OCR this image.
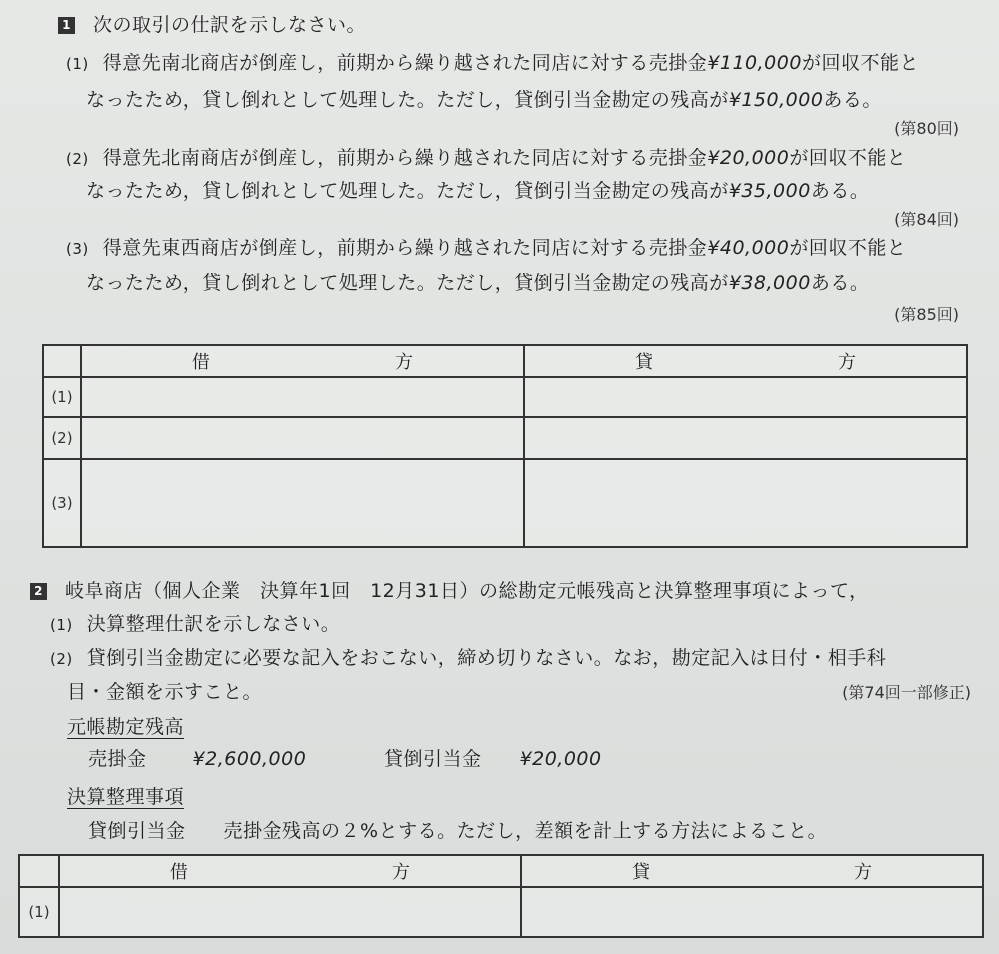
1 次の取引の仕訳を示しなさい。
(1) 得意先南北商店が倒産し，前期から繰り越された同店に対する売掛金¥110,000が回収不能と
なったため，貸し倒れとして処理した。ただし，貸倒引当金勘定の残高が¥150,000ある。
(第80回)
(2) 得意先北南商店が倒産し，前期から繰り越された同店に対する売掛金¥20,000が回収不能と
なったため，貸し倒れとして処理した。ただし，貸倒引当金勘定の残高が¥35,000ある。
(第84回)
(3) 得意先東西商店が倒産し，前期から繰り越された同店に対する売掛金¥40,000が回収不能と
なったため，貸し倒れとして処理した。ただし，貸倒引当金勘定の残高が¥38,000ある。
(第85回)

	借 方	貸 方

(1)		
(2)		
(3)		
2 岐阜商店（個人企業　決算年1回　12月31日）の総勘定元帳残高と決算整理事項によって，
(1) 決算整理仕訳を示しなさい。
(2) 貸倒引当金勘定に必要な記入をおこない，締め切りなさい。なお，勘定記入は日付・相手科
目・金額を示すこと。	(第74回一部修正)
元帳勘定残高
売掛金 ¥2,600,000	貸倒引当金 ¥20,000
決算整理事項
貸倒引当金 売掛金残高の２%とする。ただし，差額を計上する方法によること。

	借 方	貸 方

(1)		
